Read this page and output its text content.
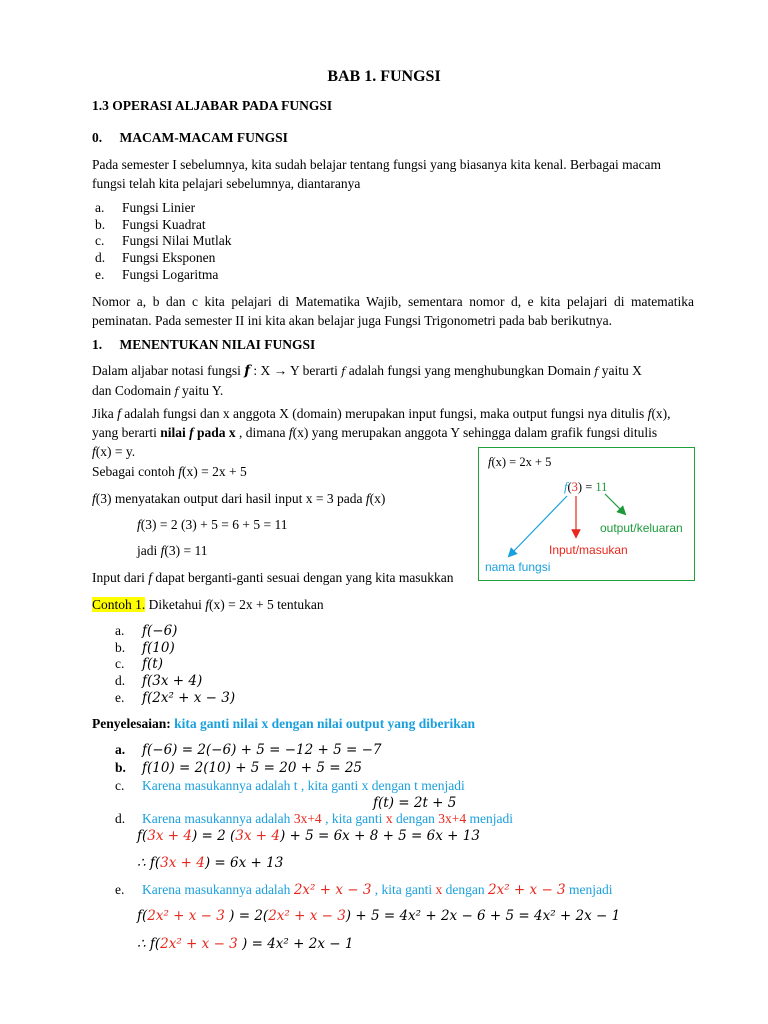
BAB 1. FUNGSI
1.3 OPERASI ALJABAR PADA FUNGSI
0. MACAM-MACAM FUNGSI

Pada semester I sebelumnya, kita sudah belajar tentang fungsi yang biasanya kita kenal. Berbagai macam fungsi telah kita pelajari sebelumnya, diantaranya

a. Fungsi Linier
b. Fungsi Kuadrat
c. Fungsi Nilai Mutlak
d. Fungsi Eksponen
e. Fungsi Logaritma

Nomor a, b dan c kita pelajari di Matematika Wajib, sementara nomor d, e kita pelajari di matematika peminatan. Pada semester II ini kita akan belajar juga Fungsi Trigonometri pada bab berikutnya.

1. MENENTUKAN NILAI FUNGSI
Dalam aljabar notasi fungsi f : X → Y berarti f adalah fungsi yang menghubungkan Domain f yaitu X
dan Codomain f yaitu Y.
Jika f adalah fungsi dan x anggota X (domain) merupakan input fungsi, maka output fungsi nya ditulis f(x),
yang berarti nilai f pada x , dimana f(x) yang merupakan anggota Y sehingga dalam grafik fungsi ditulis
f(x) = y.
Sebagai contoh f(x) = 2x + 5
f(3) menyatakan output dari hasil input x = 3 pada f(x)
f(3) = 2 (3) + 5 = 6 + 5 = 11
jadi f(3) = 11
Input dari f dapat berganti-ganti sesuai dengan yang kita masukkan
f(x) = 2x + 5
f(3) = 11
output/keluaran
Input/masukan
nama fungsi
Contoh 1. Diketahui f(x) = 2x + 5 tentukan
a. f(−6)
b. f(10)
c. f(t)
d. f(3x + 4)
e. f(2x² + x − 3)
Penyelesaian: kita ganti nilai x dengan nilai output yang diberikan
a. f(−6) = 2(−6) + 5 = −12 + 5 = −7
b. f(10) = 2(10) + 5 = 20 + 5 = 25
c. Karena masukannya adalah t , kita ganti x dengan t menjadi
f(t) = 2t + 5
d. Karena masukannya adalah 3x+4 , kita ganti x dengan 3x+4 menjadi
f(3x + 4) = 2 (3x + 4) + 5 = 6x + 8 + 5 = 6x + 13
∴ f(3x + 4) = 6x + 13
e. Karena masukannya adalah 2x² + x − 3 , kita ganti x dengan 2x² + x − 3 menjadi
f(2x² + x − 3 ) = 2(2x² + x − 3) + 5 = 4x² + 2x − 6 + 5 = 4x² + 2x − 1
∴ f(2x² + x − 3 ) = 4x² + 2x − 1
